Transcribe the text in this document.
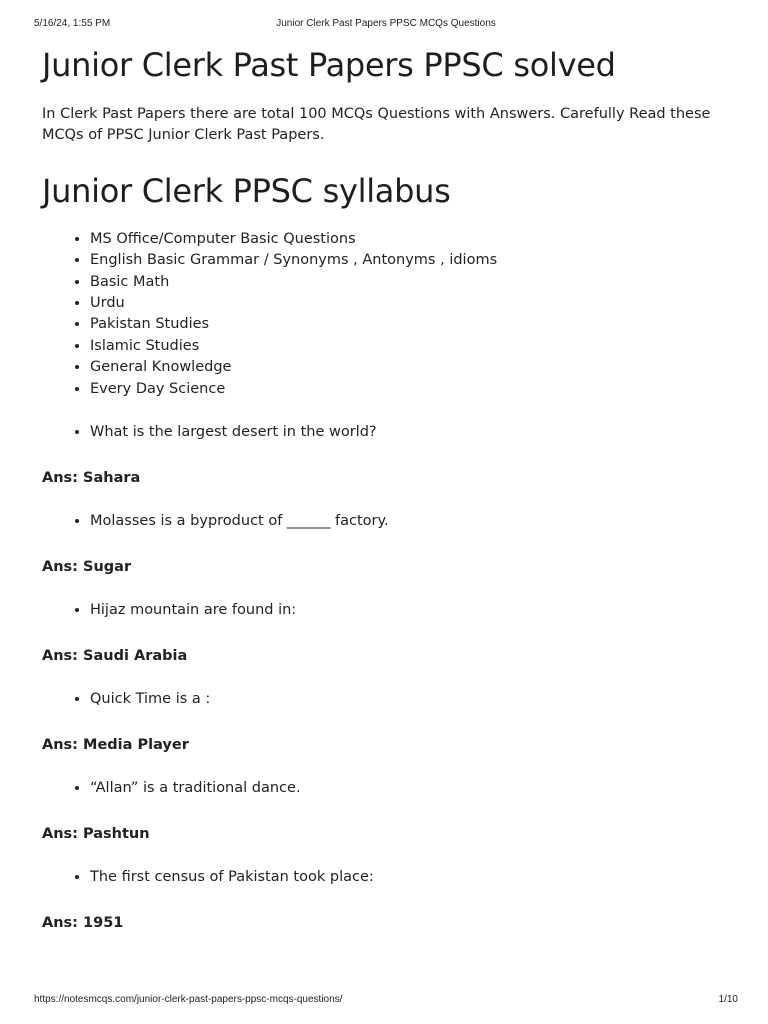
5/16/24, 1:55 PM	Junior Clerk Past Papers PPSC MCQs Questions
Junior Clerk Past Papers PPSC solved

In Clerk Past Papers there are total 100 MCQs Questions with Answers. Carefully Read these MCQs of PPSC Junior Clerk Past Papers.

Junior Clerk PPSC syllabus
• MS Office/Computer Basic Questions
• English Basic Grammar / Synonyms , Antonyms , idioms
• Basic Math
• Urdu
• Pakistan Studies
• Islamic Studies
• General Knowledge
• Every Day Science
• What is the largest desert in the world?

Ans: Sahara

• Molasses is a byproduct of ______ factory.

Ans: Sugar

• Hijaz mountain are found in:

Ans: Saudi Arabia

• Quick Time is a :

Ans: Media Player

• “Allan” is a traditional dance.

Ans: Pashtun

• The first census of Pakistan took place:

Ans: 1951

https://notesmcqs.com/junior-clerk-past-papers-ppsc-mcqs-questions/	1/10
